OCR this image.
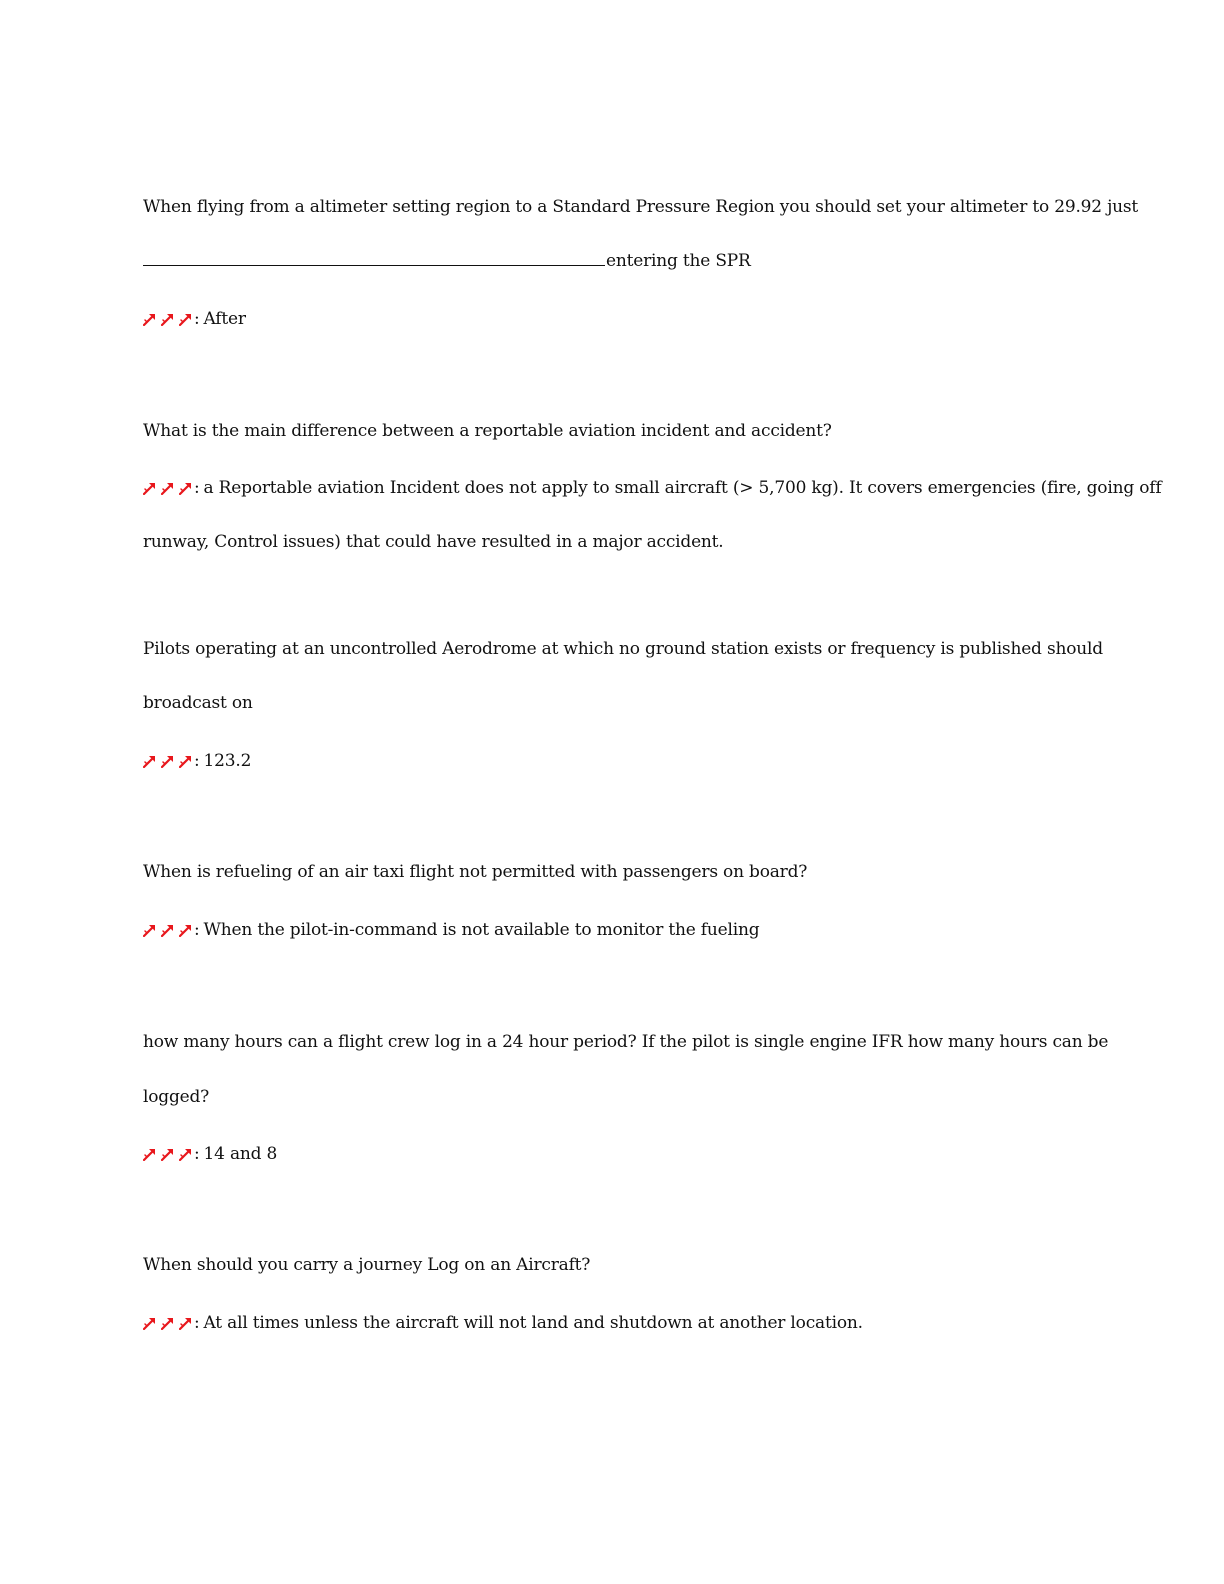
When flying from a altimeter setting region to a Standard Pressure Region you should set your altimeter to 29.92 just
entering the SPR
: After
What is the main difference between a reportable aviation incident and accident?
: a Reportable aviation Incident does not apply to small aircraft (> 5,700 kg). It covers emergencies (fire, going off
runway, Control issues) that could have resulted in a major accident.
Pilots operating at an uncontrolled Aerodrome at which no ground station exists or frequency is published should
broadcast on
: 123.2
When is refueling of an air taxi flight not permitted with passengers on board?
: When the pilot-in-command is not available to monitor the fueling
how many hours can a flight crew log in a 24 hour period? If the pilot is single engine IFR how many hours can be
logged?
: 14 and 8
When should you carry a journey Log on an Aircraft?
: At all times unless the aircraft will not land and shutdown at another location.
